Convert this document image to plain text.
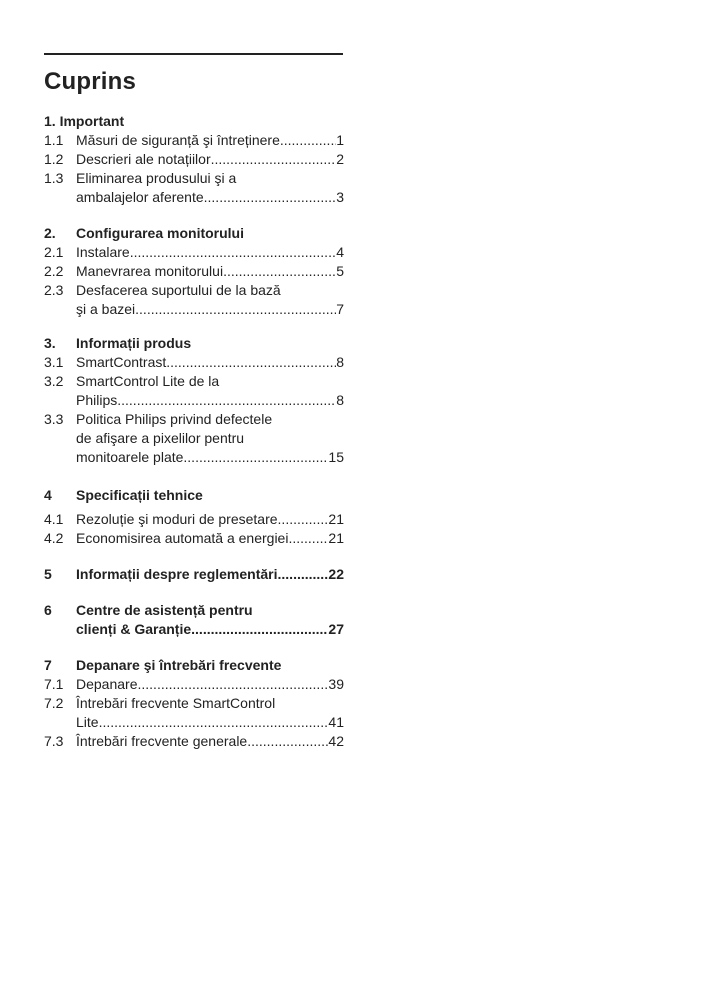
Cuprins
1. Important
1.1 Măsuri de siguranță şi întreținere .....	1
1.2 Descrieri ale notațiilor .....	2
1.3 Eliminarea produsului şi a
ambalajelor aferente .....	3
2. Configurarea monitorului
2.1 Instalare .....	4
2.2 Manevrarea monitorului .....	5
2.3 Desfacerea suportului de la bază
şi a bazei .....	7
3. Informații produs
3.1 SmartContrast .....	8
3.2 SmartControl Lite de la
Philips .....	8
3.3 Politica Philips privind defectele
de afişare a pixelilor pentru
monitoarele plate .....	15
4 Specificații tehnice
4.1 Rezoluție şi moduri de presetare .....	21
4.2 Economisirea automată a energiei .....	21
5 Informații despre reglementări .....	22
6 Centre de asistență pentru
clienți & Garanție .....	27
7 Depanare şi întrebări frecvente
7.1 Depanare .....	39
7.2 Întrebări frecvente SmartControl
Lite .....	41
7.3 Întrebări frecvente generale .....	42
